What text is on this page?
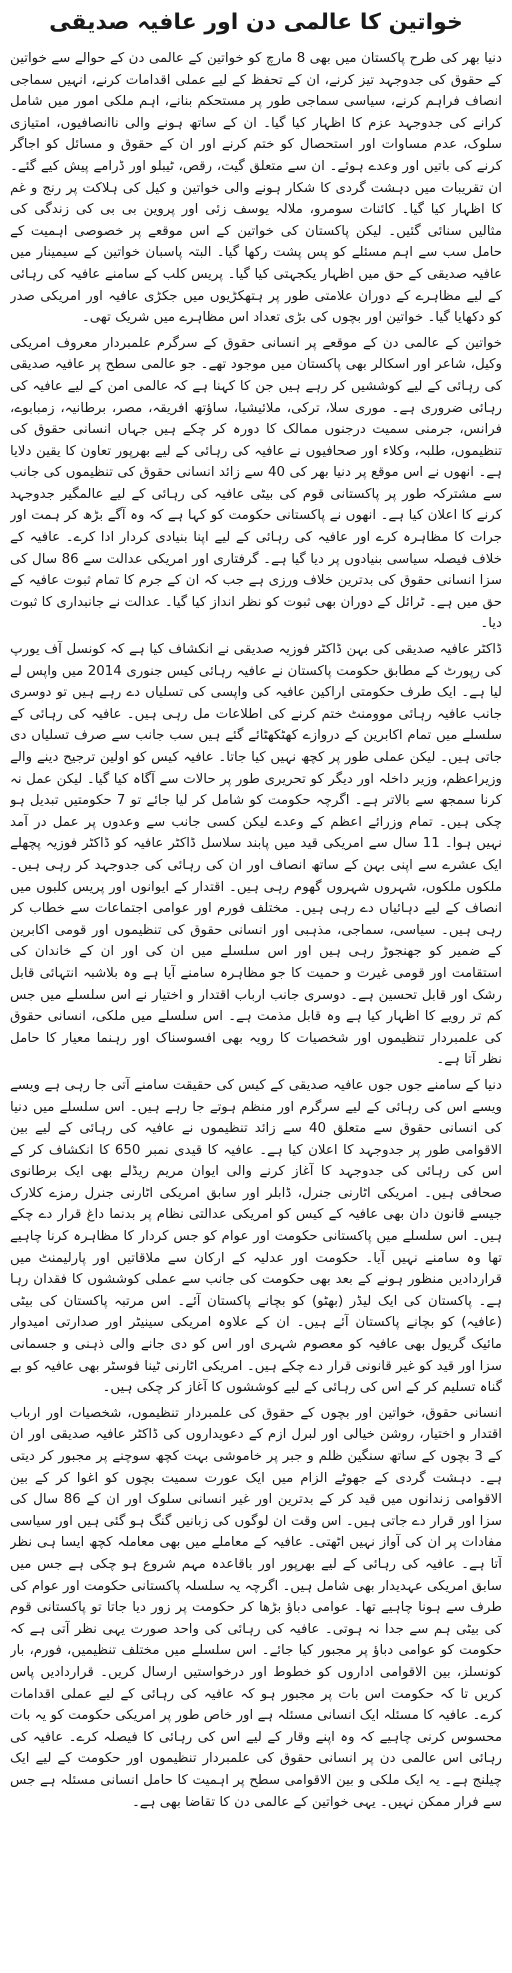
خواتین کا عالمی دن اور عافیہ صدیقی

دنیا بھر کی طرح پاکستان میں بھی 8 مارچ کو خواتین کے عالمی دن کے حوالے سے خواتین کے حقوق کی جدوجہد تیز کرنے، ان کے تحفظ کے لیے عملی اقدامات کرنے، انہیں سماجی انصاف فراہم کرنے، سیاسی سماجی طور پر مستحکم بنانے، اہم ملکی امور میں شامل کرانے کی جدوجہد عزم کا اظہار کیا گیا۔ ان کے ساتھ ہونے والی ناانصافیوں، امتیازی سلوک، عدم مساوات اور استحصال کو ختم کرنے اور ان کے حقوق و مسائل کو اجاگر کرنے کی باتیں اور وعدے ہوئے۔ ان سے متعلق گیت، رقص، ٹیبلو اور ڈرامے پیش کیے گئے۔ ان تقریبات میں دہشت گردی کا شکار ہونے والی خواتین و کیل کی ہلاکت پر رنج و غم کا اظہار کیا گیا۔ کائنات سومرو، ملالہ یوسف زئی اور پروین بی بی کی زندگی کی مثالیں سنائی گئیں۔ لیکن پاکستان کی خواتین کے اس موقعے پر خصوصی اہمیت کے حامل سب سے اہم مسئلے کو پس پشت رکھا گیا۔ البتہ پاسبان خواتین کے سیمینار میں عافیہ صدیقی کے حق میں اظہار یکجہتی کیا گیا۔ پریس کلب کے سامنے عافیہ کی رہائی کے لیے مظاہرے کے دوران علامتی طور پر ہتھکڑیوں میں جکڑی عافیہ اور امریکی صدر کو دکھایا گیا۔ خواتین اور بچوں کی بڑی تعداد اس مظاہرے میں شریک تھی۔

خواتین کے عالمی دن کے موقعے پر انسانی حقوق کے سرگرم علمبردار معروف امریکی وکیل، شاعر اور اسکالر بھی پاکستان میں موجود تھے۔ جو عالمی سطح پر عافیہ صدیقی کی رہائی کے لیے کوششیں کر رہے ہیں جن کا کہنا ہے کہ عالمی امن کے لیے عافیہ کی رہائی ضروری ہے۔ موری سلا، ترکی، ملائیشیا، ساؤتھ افریقہ، مصر، برطانیہ، زمبابوے، فرانس، جرمنی سمیت درجنوں ممالک کا دورہ کر چکے ہیں جہاں انسانی حقوق کی تنظیموں، طلبہ، وکلاء اور صحافیوں نے عافیہ کی رہائی کے لیے بھرپور تعاون کا یقین دلایا ہے۔ انھوں نے اس موقع پر دنیا بھر کی 40 سے زائد انسانی حقوق کی تنظیموں کی جانب سے مشترکہ طور پر پاکستانی قوم کی بیٹی عافیہ کی رہائی کے لیے عالمگیر جدوجہد کرنے کا اعلان کیا ہے۔ انھوں نے پاکستانی حکومت کو کہا ہے کہ وہ آگے بڑھ کر ہمت اور جرات کا مظاہرہ کرے اور عافیہ کی رہائی کے لیے اپنا بنیادی کردار ادا کرے۔ عافیہ کے خلاف فیصلہ سیاسی بنیادوں پر دیا گیا ہے۔ گرفتاری اور امریکی عدالت سے 86 سال کی سزا انسانی حقوق کی بدترین خلاف ورزی ہے جب کہ ان کے جرم کا تمام ثبوت عافیہ کے حق میں ہے۔ ٹرائل کے دوران بھی ثبوت کو نظر انداز کیا گیا۔ عدالت نے جانبداری کا ثبوت دیا۔

ڈاکٹر عافیہ صدیقی کی بہن ڈاکٹر فوزیہ صدیقی نے انکشاف کیا ہے کہ کونسل آف یورپ کی رپورٹ کے مطابق حکومت پاکستان نے عافیہ رہائی کیس جنوری 2014 میں واپس لے لیا ہے۔ ایک طرف حکومتی اراکین عافیہ کی واپسی کی تسلیاں دے رہے ہیں تو دوسری جانب عافیہ رہائی موومنٹ ختم کرنے کی اطلاعات مل رہی ہیں۔ عافیہ کی رہائی کے سلسلے میں تمام اکابرین کے دروازے کھٹکھٹائے گئے ہیں سب جانب سے صرف تسلیاں دی جاتی ہیں۔ لیکن عملی طور پر کچھ نہیں کیا جاتا۔ عافیہ کیس کو اولین ترجیح دینے والے وزیراعظم، وزیر داخلہ اور دیگر کو تحریری طور پر حالات سے آگاہ کیا گیا۔ لیکن عمل نہ کرنا سمجھ سے بالاتر ہے۔ اگرچہ حکومت کو شامل کر لیا جائے تو 7 حکومتیں تبدیل ہو چکی ہیں۔ تمام وزرائے اعظم کے وعدے لیکن کسی جانب سے وعدوں پر عمل در آمد نہیں ہوا۔ 11 سال سے امریکی قید میں پابند سلاسل ڈاکٹر عافیہ کو ڈاکٹر فوزیہ پچھلے ایک عشرے سے اپنی بہن کے ساتھ انصاف اور ان کی رہائی کی جدوجہد کر رہی ہیں۔ ملکوں ملکوں، شہروں شہروں گھوم رہی ہیں۔ اقتدار کے ایوانوں اور پریس کلبوں میں انصاف کے لیے دہائیاں دے رہی ہیں۔ مختلف فورم اور عوامی اجتماعات سے خطاب کر رہی ہیں۔ سیاسی، سماجی، مذہبی اور انسانی حقوق کی تنظیموں اور قومی اکابرین کے ضمیر کو جھنجوڑ رہی ہیں اور اس سلسلے میں ان کی اور ان کے خاندان کی استقامت اور قومی غیرت و حمیت کا جو مظاہرہ سامنے آیا ہے وہ بلاشبہ انتہائی قابل رشک اور قابل تحسین ہے۔ دوسری جانب ارباب اقتدار و اختیار نے اس سلسلے میں جس کم تر رویے کا اظہار کیا ہے وہ قابل مذمت ہے۔ اس سلسلے میں ملکی، انسانی حقوق کی علمبردار تنظیموں اور شخصیات کا رویہ بھی افسوسناک اور رہنما معیار کا حامل نظر آتا ہے۔

دنیا کے سامنے جوں جوں عافیہ صدیقی کے کیس کی حقیقت سامنے آتی جا رہی ہے ویسے ویسے اس کی رہائی کے لیے سرگرم اور منظم ہوتے جا رہے ہیں۔ اس سلسلے میں دنیا کی انسانی حقوق سے متعلق 40 سے زائد تنظیموں نے عافیہ کی رہائی کے لیے بین الاقوامی طور پر جدوجہد کا اعلان کیا ہے۔ عافیہ کا قیدی نمبر 650 کا انکشاف کر کے اس کی رہائی کی جدوجہد کا آغاز کرنے والی ایوان مریم ریڈلے بھی ایک برطانوی صحافی ہیں۔ امریکی اٹارنی جنرل، ڈابلر اور سابق امریکی اٹارنی جنرل رمزے کلارک جیسے قانون دان بھی عافیہ کے کیس کو امریکی عدالتی نظام پر بدنما داغ قرار دے چکے ہیں۔ اس سلسلے میں پاکستانی حکومت اور عوام کو جس کردار کا مظاہرہ کرنا چاہیے تھا وہ سامنے نہیں آیا۔ حکومت اور عدلیہ کے ارکان سے ملاقاتیں اور پارلیمنٹ میں قراردادیں منظور ہونے کے بعد بھی حکومت کی جانب سے عملی کوششوں کا فقدان رہا ہے۔ پاکستان کی ایک لیڈر (بھٹو) کو بچانے پاکستان آئے۔ اس مرتبہ پاکستان کی بیٹی (عافیہ) کو بچانے پاکستان آئے ہیں۔ ان کے علاوہ امریکی سینیٹر اور صدارتی امیدوار مائیک گریول بھی عافیہ کو معصوم شہری اور اس کو دی جانے والی ذہنی و جسمانی سزا اور قید کو غیر قانونی قرار دے چکے ہیں۔ امریکی اٹارنی ٹینا فوسٹر بھی عافیہ کو بے گناہ تسلیم کر کے اس کی رہائی کے لیے کوششوں کا آغاز کر چکی ہیں۔

انسانی حقوق، خواتین اور بچوں کے حقوق کی علمبردار تنظیموں، شخصیات اور ارباب اقتدار و اختیار، روشن خیالی اور لبرل ازم کے دعویداروں کی ڈاکٹر عافیہ صدیقی اور ان کے 3 بچوں کے ساتھ سنگین ظلم و جبر پر خاموشی بہت کچھ سوچنے پر مجبور کر دیتی ہے۔ دہشت گردی کے جھوٹے الزام میں ایک عورت سمیت بچوں کو اغوا کر کے بین الاقوامی زندانوں میں قید کر کے بدترین اور غیر انسانی سلوک اور ان کے 86 سال کی سزا اور قرار دے جاتی ہیں۔ اس وقت ان لوگوں کی زبانیں گنگ ہو گئی ہیں اور سیاسی مفادات پر ان کی آواز نہیں اٹھتی۔ عافیہ کے معاملے میں بھی معاملہ کچھ ایسا ہی نظر آتا ہے۔ عافیہ کی رہائی کے لیے بھرپور اور باقاعدہ مہم شروع ہو چکی ہے جس میں سابق امریکی عہدیدار بھی شامل ہیں۔ اگرچہ یہ سلسلہ پاکستانی حکومت اور عوام کی طرف سے ہونا چاہیے تھا۔ عوامی دباؤ بڑھا کر حکومت پر زور دیا جاتا تو پاکستانی قوم کی بیٹی ہم سے جدا نہ ہوتی۔ عافیہ کی رہائی کی واحد صورت یہی نظر آتی ہے کہ حکومت کو عوامی دباؤ پر مجبور کیا جائے۔ اس سلسلے میں مختلف تنظیمیں، فورم، بار کونسلز، بین الاقوامی اداروں کو خطوط اور درخواستیں ارسال کریں۔ قراردادیں پاس کریں تا کہ حکومت اس بات پر مجبور ہو کہ عافیہ کی رہائی کے لیے عملی اقدامات کرے۔ عافیہ کا مسئلہ ایک انسانی مسئلہ ہے اور خاص طور پر امریکی حکومت کو یہ بات محسوس کرنی چاہیے کہ وہ اپنے وقار کے لیے اس کی رہائی کا فیصلہ کرے۔ عافیہ کی رہائی اس عالمی دن پر انسانی حقوق کی علمبردار تنظیموں اور حکومت کے لیے ایک چیلنج ہے۔ یہ ایک ملکی و بین الاقوامی سطح پر اہمیت کا حامل انسانی مسئلہ ہے جس سے فرار ممکن نہیں۔ یہی خواتین کے عالمی دن کا تقاضا بھی ہے۔
